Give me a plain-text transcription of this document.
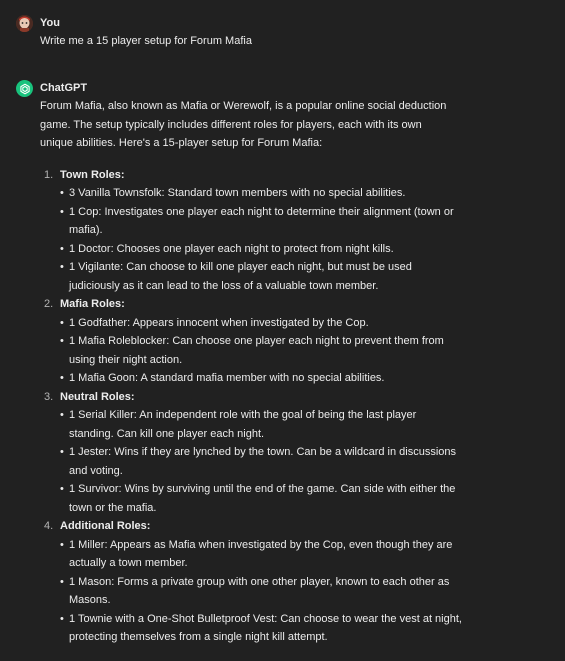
You
Write me a 15 player setup for Forum Mafia
ChatGPT

Forum Mafia, also known as Mafia or Werewolf, is a popular online social deduction game. The setup typically includes different roles for players, each with its own unique abilities. Here's a 15-player setup for Forum Mafia:

1. Town Roles:
• 3 Vanilla Townsfolk: Standard town members with no special abilities.
• 1 Cop: Investigates one player each night to determine their alignment (town or mafia).
• 1 Doctor: Chooses one player each night to protect from night kills.
• 1 Vigilante: Can choose to kill one player each night, but must be used judiciously as it can lead to the loss of a valuable town member.
2. Mafia Roles:
• 1 Godfather: Appears innocent when investigated by the Cop.
• 1 Mafia Roleblocker: Can choose one player each night to prevent them from using their night action.
• 1 Mafia Goon: A standard mafia member with no special abilities.
3. Neutral Roles:
• 1 Serial Killer: An independent role with the goal of being the last player standing. Can kill one player each night.
• 1 Jester: Wins if they are lynched by the town. Can be a wildcard in discussions and voting.
• 1 Survivor: Wins by surviving until the end of the game. Can side with either the town or the mafia.
4. Additional Roles:
• 1 Miller: Appears as Mafia when investigated by the Cop, even though they are actually a town member.
• 1 Mason: Forms a private group with one other player, known to each other as Masons.
• 1 Townie with a One-Shot Bulletproof Vest: Can choose to wear the vest at night, protecting themselves from a single night kill attempt.
